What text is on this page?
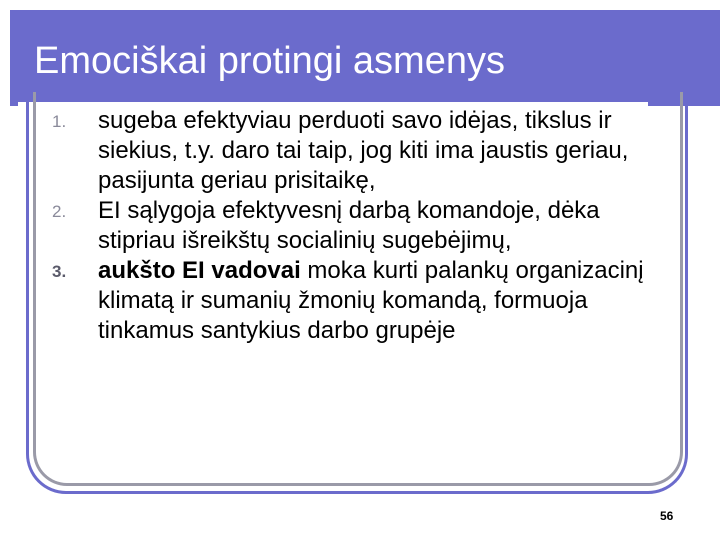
Emociškai protingi asmenys
1.	sugeba efektyviau perduoti savo idėjas, tikslus ir siekius, t.y. daro tai taip, jog kiti ima jaustis geriau, pasijunta geriau prisitaikę,
2.	EI sąlygoja efektyvesnį darbą komandoje, dėka stipriau išreikštų socialinių sugebėjimų,
3.	aukšto EI vadovai moka kurti palankų organizacinį klimatą ir sumanių žmonių komandą, formuoja tinkamus santykius darbo grupėje
56
